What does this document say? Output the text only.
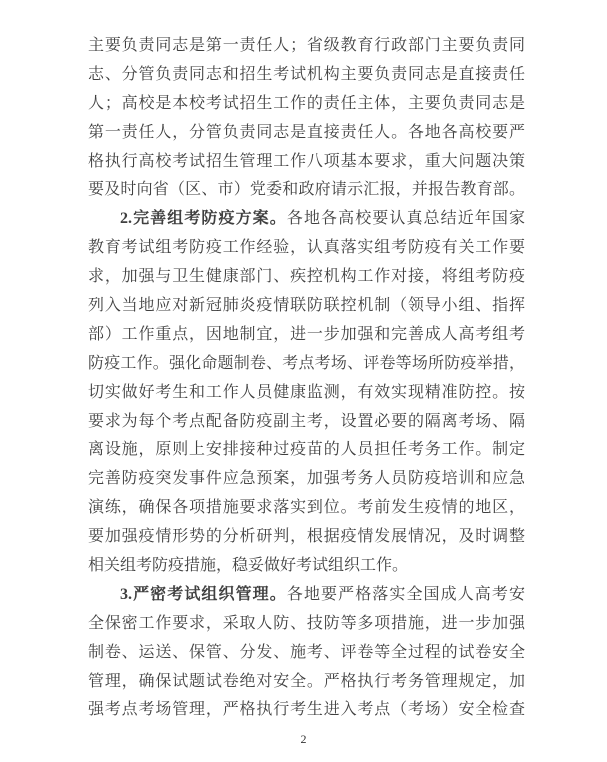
主要负责同志是第一责任人；省级教育行政部门主要负责同
志、分管负责同志和招生考试机构主要负责同志是直接责任
人；高校是本校考试招生工作的责任主体，主要负责同志是
第一责任人，分管负责同志是直接责任人。各地各高校要严
格执行高校考试招生管理工作八项基本要求，重大问题决策
要及时向省（区、市）党委和政府请示汇报，并报告教育部。
2.完善组考防疫方案。各地各高校要认真总结近年国家
教育考试组考防疫工作经验，认真落实组考防疫有关工作要
求，加强与卫生健康部门、疾控机构工作对接，将组考防疫
列入当地应对新冠肺炎疫情联防联控机制（领导小组、指挥
部）工作重点，因地制宜，进一步加强和完善成人高考组考
防疫工作。强化命题制卷、考点考场、评卷等场所防疫举措，
切实做好考生和工作人员健康监测，有效实现精准防控。按
要求为每个考点配备防疫副主考，设置必要的隔离考场、隔
离设施，原则上安排接种过疫苗的人员担任考务工作。制定
完善防疫突发事件应急预案，加强考务人员防疫培训和应急
演练，确保各项措施要求落实到位。考前发生疫情的地区，
要加强疫情形势的分析研判，根据疫情发展情况，及时调整
相关组考防疫措施，稳妥做好考试组织工作。
3.严密考试组织管理。各地要严格落实全国成人高考安
全保密工作要求，采取人防、技防等多项措施，进一步加强
制卷、运送、保管、分发、施考、评卷等全过程的试卷安全
管理，确保试题试卷绝对安全。严格执行考务管理规定，加
强考点考场管理，严格执行考生进入考点（考场）安全检查
2
